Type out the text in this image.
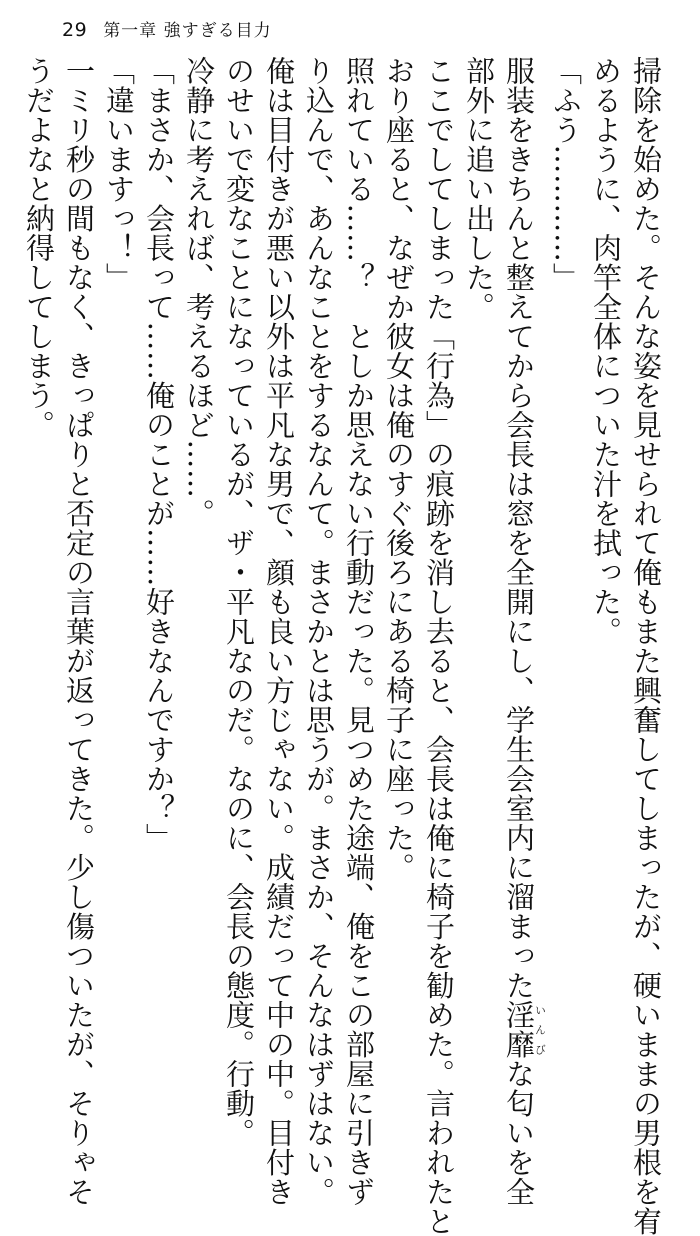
29 第一章 強すぎる目力
掃除を始めた。そんな姿を見せられて俺もまた興奮してしまったが、硬いままの男根を宥
めるように、肉竿全体についた汁を拭った。
「ふう…………」
服装をきちんと整えてから会長は窓を全開にし、学生会室内に溜まった淫靡いんびな匂いを全
部外に追い出した。
ここでしてしまった「行為」の痕跡を消し去ると、会長は俺に椅子を勧めた。言われたと
おり座ると、なぜか彼女は俺のすぐ後ろにある椅子に座った。
照れている……？　としか思えない行動だった。見つめた途端、俺をこの部屋に引きず
り込んで、あんなことをするなんて。まさかとは思うが。まさか、そんなはずはない。
俺は目付きが悪い以外は平凡な男で、顔も良い方じゃない。成績だって中の中。目付き
のせいで変なことになっているが、ザ・平凡なのだ。なのに、会長の態度。行動。
冷静に考えれば、考えるほど……。
「まさか、会長って……俺のことが……好きなんですか？」
「違いますっ！」
一ミリ秒の間もなく、きっぱりと否定の言葉が返ってきた。少し傷ついたが、そりゃそ
うだよなと納得してしまう。
